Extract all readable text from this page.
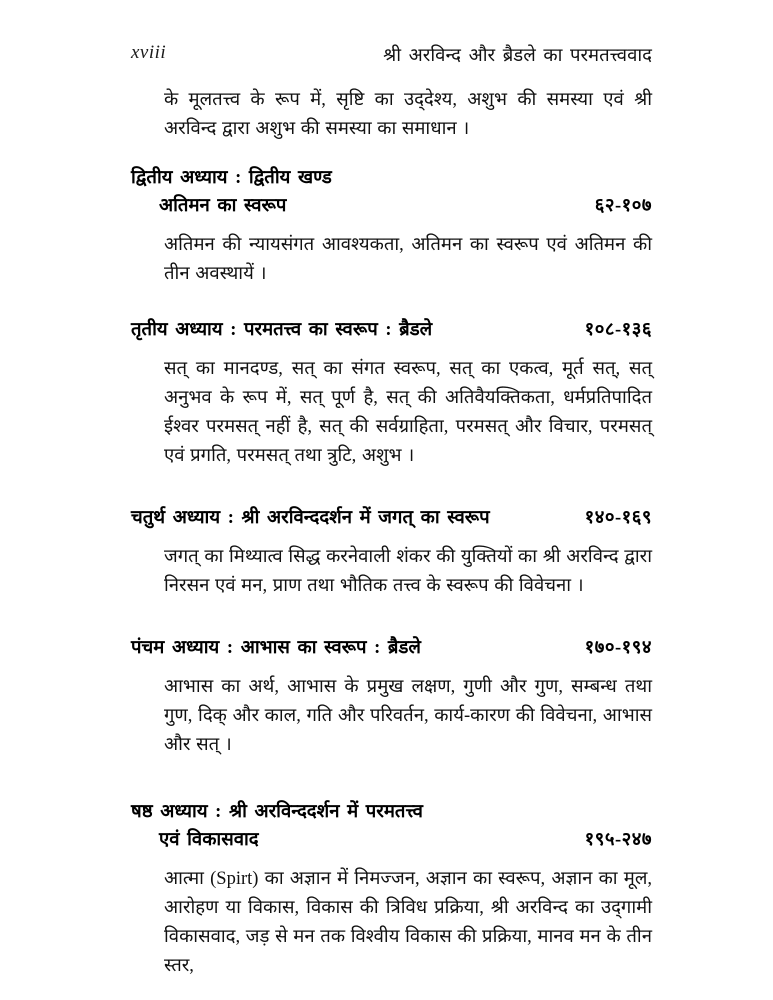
xviii	श्री अरविन्द और ब्रैडले का परमतत्त्ववाद

के मूलतत्त्व के रूप में, सृष्टि का उद्‌देश्य, अशुभ की समस्या एवं श्री अरविन्द द्वारा अशुभ की समस्या का समाधान ।

द्वितीय अध्याय : द्वितीय खण्ड
अतिमन का स्वरूप	६२-१०७

अतिमन की न्यायसंगत आवश्यकता, अतिमन का स्वरूप एवं अतिमन की तीन अवस्थायें ।

तृतीय अध्याय : परमतत्त्व का स्वरूप : ब्रैडले	१०८-१३६

सत् का मानदण्ड, सत् का संगत स्वरूप, सत् का एकत्व, मूर्त सत्, सत् अनुभव के रूप में, सत् पूर्ण है, सत् की अतिवैयक्तिकता, धर्मप्रतिपादित ईश्वर परमसत् नहीं है, सत् की सर्वग्राहिता, परमसत् और विचार, परमसत् एवं प्रगति, परमसत् तथा त्रुटि, अशुभ ।

चतुर्थ अध्याय : श्री अरविन्ददर्शन में जगत् का स्वरूप	१४०-१६९

जगत् का मिथ्यात्व सिद्ध करनेवाली शंकर की युक्तियों का श्री अरविन्द द्वारा निरसन एवं मन, प्राण तथा भौतिक तत्त्व के स्वरूप की विवेचना ।

पंचम अध्याय : आभास का स्वरूप : ब्रैडले	१७०-१९४

आभास का अर्थ, आभास के प्रमुख लक्षण, गुणी और गुण, सम्बन्ध तथा गुण, दिक् और काल, गति और परिवर्तन, कार्य-कारण की विवेचना, आभास और सत् ।

षष्ठ अध्याय : श्री अरविन्ददर्शन में परमतत्त्व
एवं विकासवाद	१९५-२४७

आत्मा (Spirt) का अज्ञान में निमज्जन, अज्ञान का स्वरूप, अज्ञान का मूल, आरोहण या विकास, विकास की त्रिविध प्रक्रिया, श्री अरविन्द का उद्‌गामी विकासवाद, जड़ से मन तक विश्वीय विकास की प्रक्रिया, मानव मन के तीन स्तर,
